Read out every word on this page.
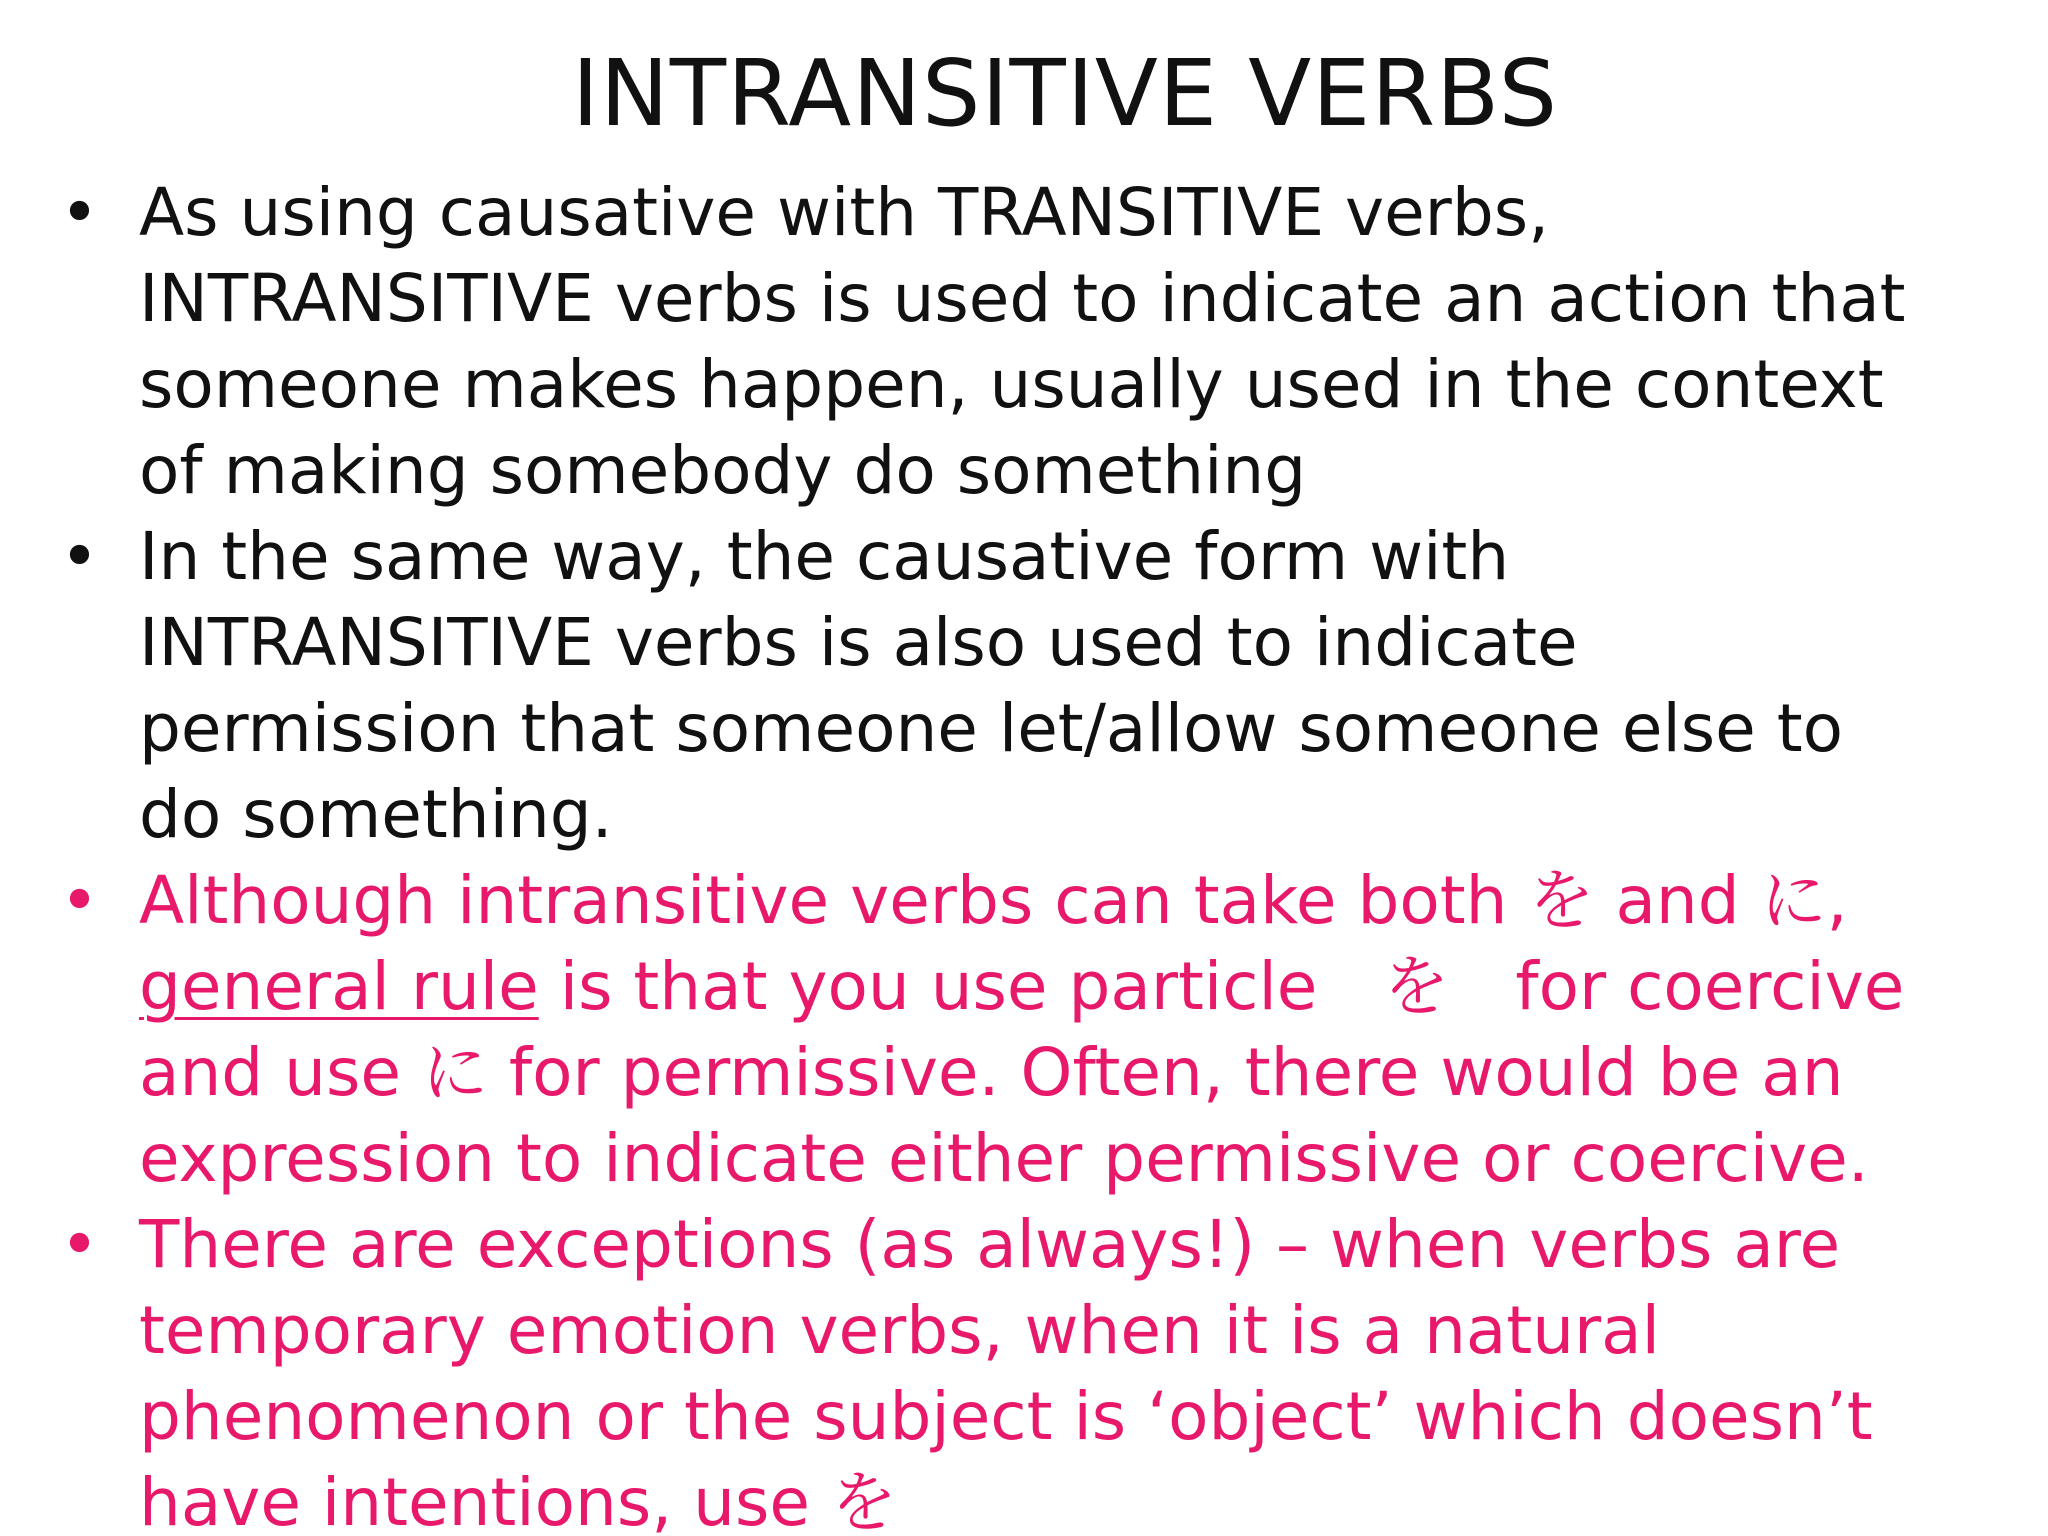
INTRANSITIVE VERBS
• As using causative with TRANSITIVE verbs,
INTRANSITIVE verbs is used to indicate an action that
someone makes happen, usually used in the context
of making somebody do something
• In the same way, the causative form with
INTRANSITIVE verbs is also used to indicate
permission that someone let/allow someone else to
do something.
• Although intransitive verbs can take both を and に,
general rule is that you use particle　を　for coercive
and use に for permissive. Often, there would be an
expression to indicate either permissive or coercive.
• There are exceptions (as always!) – when verbs are
temporary emotion verbs, when it is a natural
phenomenon or the subject is ‘object’ which doesn’t
have intentions, use を
